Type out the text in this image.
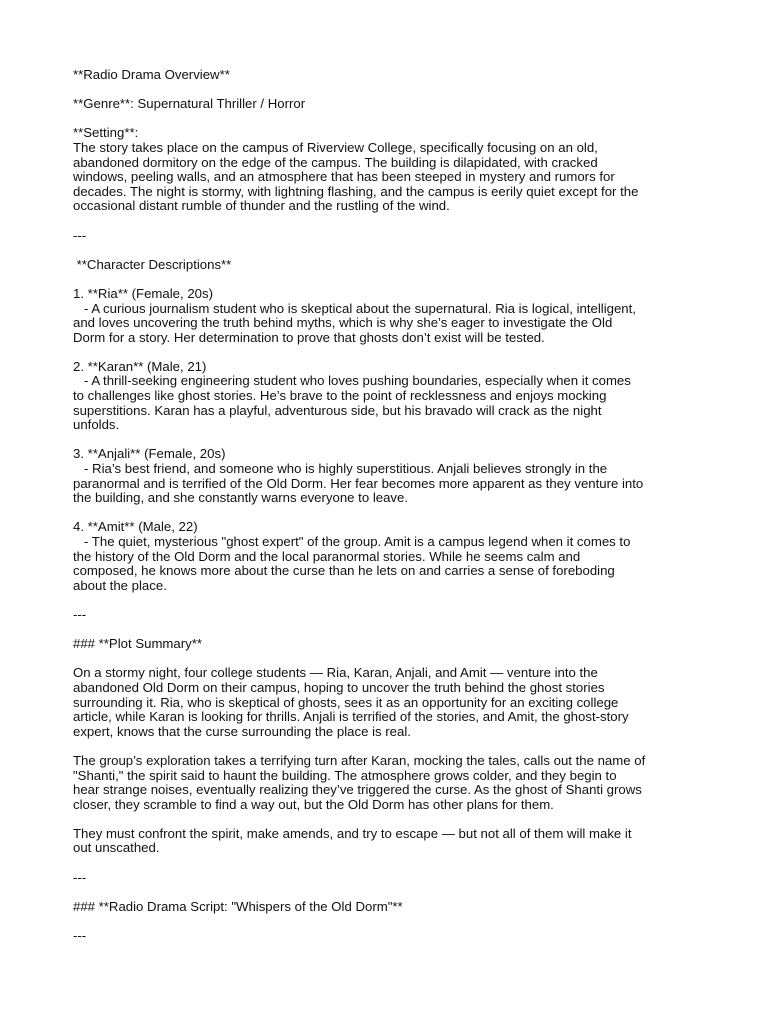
**Radio Drama Overview**
**Genre**: Supernatural Thriller / Horror
**Setting**:
The story takes place on the campus of Riverview College, specifically focusing on an old,
abandoned dormitory on the edge of the campus. The building is dilapidated, with cracked
windows, peeling walls, and an atmosphere that has been steeped in mystery and rumors for
decades. The night is stormy, with lightning flashing, and the campus is eerily quiet except for the
occasional distant rumble of thunder and the rustling of the wind.
---
**Character Descriptions**
1. **Ria** (Female, 20s)
- A curious journalism student who is skeptical about the supernatural. Ria is logical, intelligent,
and loves uncovering the truth behind myths, which is why she’s eager to investigate the Old
Dorm for a story. Her determination to prove that ghosts don’t exist will be tested.
2. **Karan** (Male, 21)
- A thrill-seeking engineering student who loves pushing boundaries, especially when it comes
to challenges like ghost stories. He’s brave to the point of recklessness and enjoys mocking
superstitions. Karan has a playful, adventurous side, but his bravado will crack as the night
unfolds.
3. **Anjali** (Female, 20s)
- Ria’s best friend, and someone who is highly superstitious. Anjali believes strongly in the
paranormal and is terrified of the Old Dorm. Her fear becomes more apparent as they venture into
the building, and she constantly warns everyone to leave.
4. **Amit** (Male, 22)
- The quiet, mysterious "ghost expert" of the group. Amit is a campus legend when it comes to
the history of the Old Dorm and the local paranormal stories. While he seems calm and
composed, he knows more about the curse than he lets on and carries a sense of foreboding
about the place.
---
### **Plot Summary**
On a stormy night, four college students — Ria, Karan, Anjali, and Amit — venture into the
abandoned Old Dorm on their campus, hoping to uncover the truth behind the ghost stories
surrounding it. Ria, who is skeptical of ghosts, sees it as an opportunity for an exciting college
article, while Karan is looking for thrills. Anjali is terrified of the stories, and Amit, the ghost-story
expert, knows that the curse surrounding the place is real.
The group’s exploration takes a terrifying turn after Karan, mocking the tales, calls out the name of
"Shanti," the spirit said to haunt the building. The atmosphere grows colder, and they begin to
hear strange noises, eventually realizing they’ve triggered the curse. As the ghost of Shanti grows
closer, they scramble to find a way out, but the Old Dorm has other plans for them.
They must confront the spirit, make amends, and try to escape — but not all of them will make it
out unscathed.
---
### **Radio Drama Script: "Whispers of the Old Dorm"**
---
